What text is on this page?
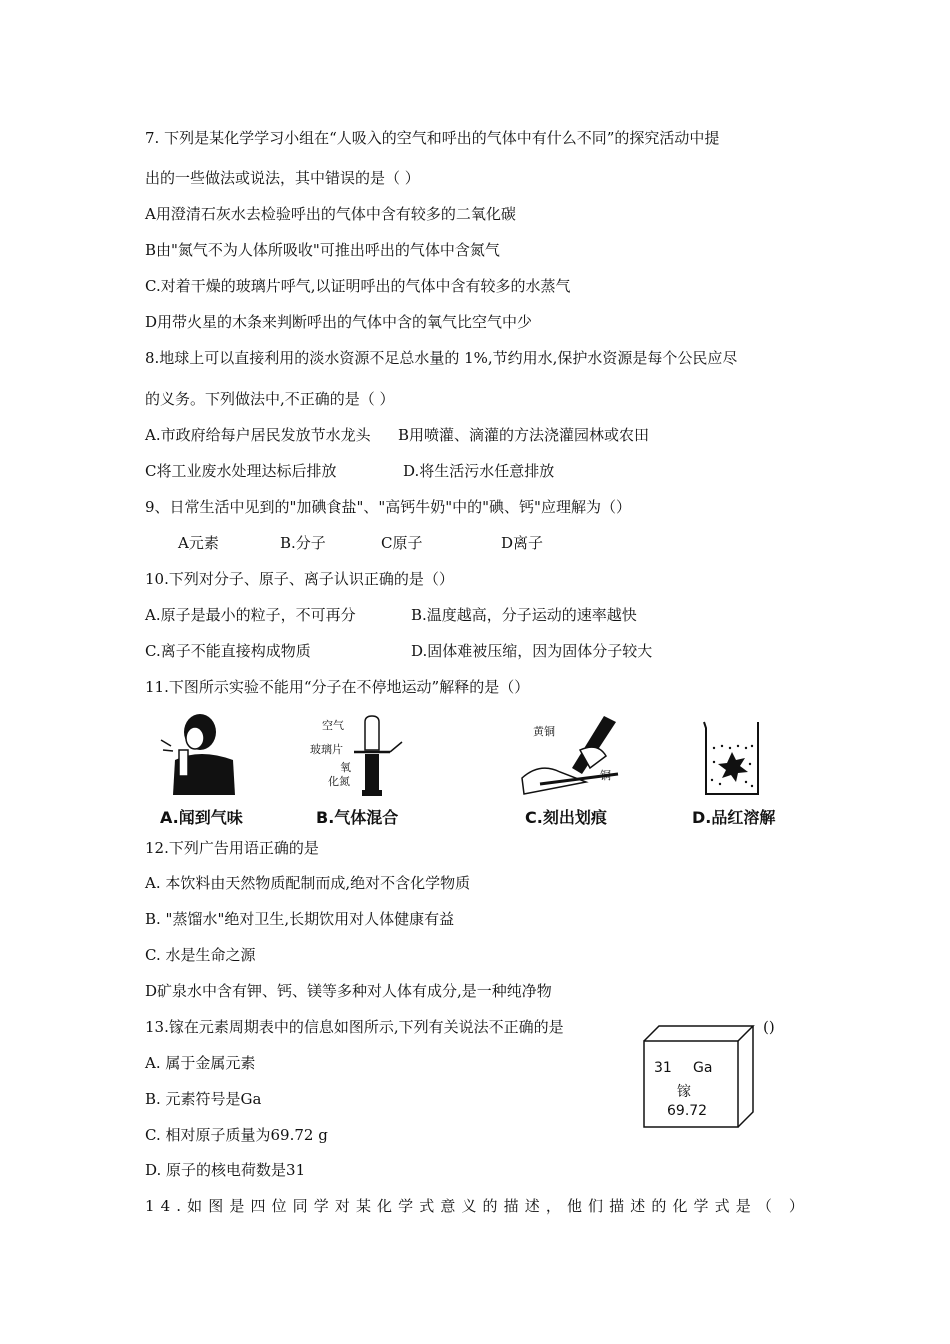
7. 下列是某化学学习小组在“人吸入的空气和呼出的气体中有什么不同”的探究活动中提
出的一些做法或说法，其中错误的是（ ）
A用澄清石灰水去检验呼出的气体中含有较多的二氧化碳
B由"氮气不为人体所吸收"可推出呼出的气体中含氮气
C.对着干燥的玻璃片呼气,以证明呼出的气体中含有较多的水蒸气
D用带火星的木条来判断呼出的气体中含的氧气比空气中少
8.地球上可以直接利用的淡水资源不足总水量的 1%,节约用水,保护水资源是每个公民应尽
的义务。下列做法中,不正确的是（ ）
A.市政府给每户居民发放节水龙头 B用喷灌、滴灌的方法浇灌园林或农田
C将工业废水处理达标后排放	D.将生活污水任意排放
9、日常生活中见到的"加碘食盐"、"高钙牛奶"中的"碘、钙"应理解为（）
A元素	B.分子	C原子	D离子
10.下列对分子、原子、离子认识正确的是（）
A.原子是最小的粒子，不可再分	B.温度越高，分子运动的速率越快
C.离子不能直接构成物质	D.固体难被压缩，因为固体分子较大
11.下图所示实验不能用“分子在不停地运动”解释的是（）
A.闻到气味
空气
玻璃片
氧
化氮
B.气体混合
黄铜
铜
C.刻出划痕	D.品红溶解
12.下列广告用语正确的是
A. 本饮料由天然物质配制而成,绝对不含化学物质
B. "蒸馏水"绝对卫生,长期饮用对人体健康有益
C. 水是生命之源
D矿泉水中含有钾、钙、镁等多种对人体有成分,是一种纯净物
13.镓在元素周期表中的信息如图所示,下列有关说法不正确的是	()
A. 属于金属元素
B. 元素符号是Ga
C. 相对原子质量为69.72 g
D. 原子的核电荷数是31
31 Ga
镓
69.72
14.如图是四位同学对某化学式意义的描述，他们描述的化学式是（ ）
